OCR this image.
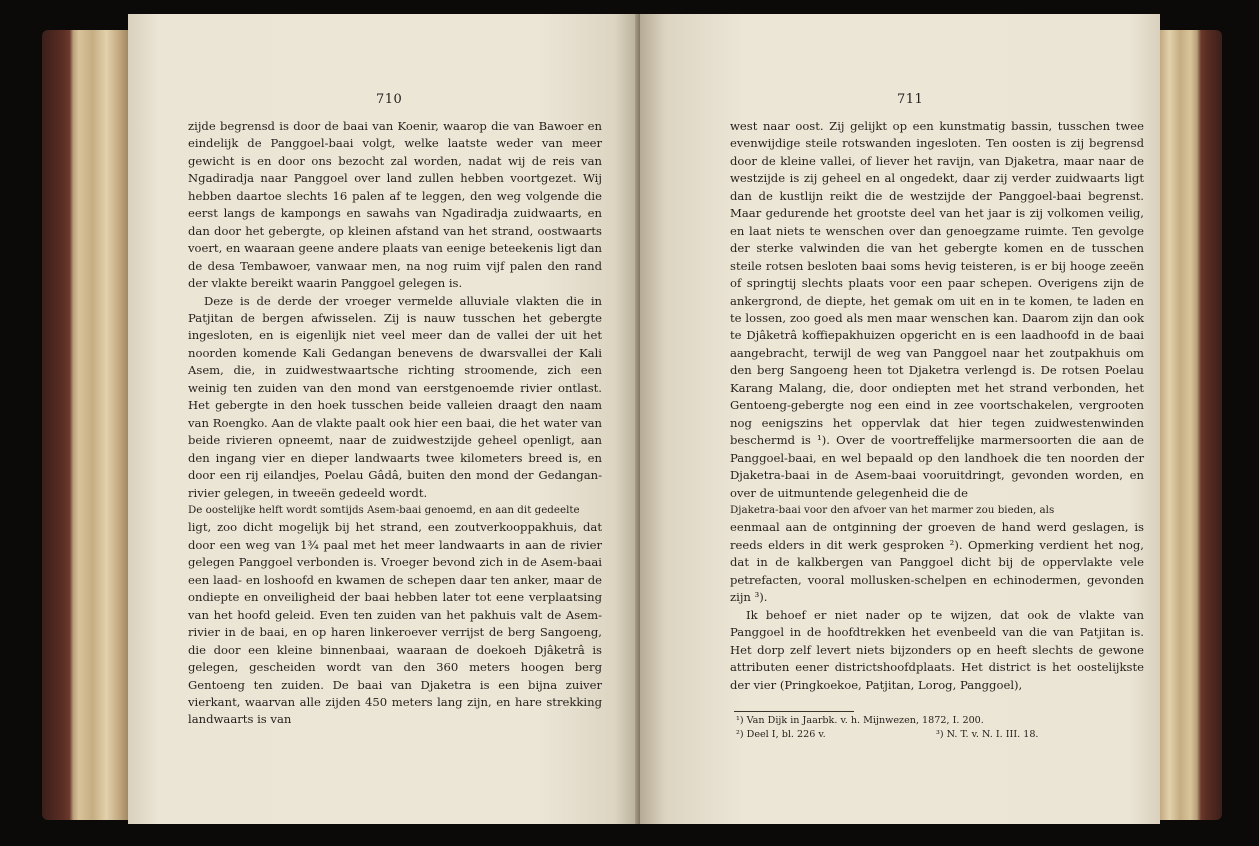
710

zijde begrensd is door de baai van Koenir, waarop die van Bawoer en eindelijk de Panggoel-baai volgt, welke laatste weder van meer gewicht is en door ons bezocht zal worden, nadat wij de reis van Ngadiradja naar Panggoel over land zullen hebben voortgezet. Wij hebben daartoe slechts 16 palen af te leggen, den weg volgende die eerst langs de kampongs en sawahs van Ngadiradja zuidwaarts, en dan door het gebergte, op kleinen afstand van het strand, oostwaarts voert, en waaraan geene andere plaats van eenige beteekenis ligt dan de desa Tembawoer, vanwaar men, na nog ruim vijf palen den rand der vlakte bereikt waarin Panggoel gelegen is.

Deze is de derde der vroeger vermelde alluviale vlakten die in Patjitan de bergen afwisselen. Zij is nauw tusschen het gebergte ingesloten, en is eigenlijk niet veel meer dan de vallei der uit het noorden komende Kali Gedangan benevens de dwarsvallei der Kali Asem, die, in zuidwestwaartsche richting stroomende, zich een weinig ten zuiden van den mond van eerstgenoemde rivier ontlast. Het gebergte in den hoek tusschen beide valleien draagt den naam van Roengko. Aan de vlakte paalt ook hier een baai, die het water van beide rivieren opneemt, naar de zuidwestzijde geheel openligt, aan den ingang vier en dieper landwaarts twee kilometers breed is, en door een rij eilandjes, Poelau Gâdâ, buiten den mond der Gedangan-rivier gelegen, in tweeën gedeeld wordt.

De oostelijke helft wordt somtijds Asem-baai genoemd, en aan dit gedeelte

ligt, zoo dicht mogelijk bij het strand, een zoutverkooppakhuis, dat door een weg van 1¾ paal met het meer landwaarts in aan de rivier gelegen Panggoel verbonden is. Vroeger bevond zich in de Asem-baai een laad- en loshoofd en kwamen de schepen daar ten anker, maar de ondiepte en onveiligheid der baai hebben later tot eene verplaatsing van het hoofd geleid. Even ten zuiden van het pakhuis valt de Asem-rivier in de baai, en op haren linkeroever verrijst de berg Sangoeng, die door een kleine binnenbaai, waaraan de doekoeh Djâketrâ is gelegen, gescheiden wordt van den 360 meters hoogen berg Gentoeng ten zuiden. De baai van Djaketra is een bijna zuiver vierkant, waarvan alle zijden 450 meters lang zijn, en hare strekking landwaarts is van

711

west naar oost. Zij gelijkt op een kunstmatig bassin, tusschen twee evenwijdige steile rotswanden ingesloten. Ten oosten is zij begrensd door de kleine vallei, of liever het ravijn, van Djaketra, maar naar de westzijde is zij geheel en al ongedekt, daar zij verder zuidwaarts ligt dan de kustlijn reikt die de westzijde der Panggoel-baai begrenst. Maar gedurende het grootste deel van het jaar is zij volkomen veilig, en laat niets te wenschen over dan genoegzame ruimte. Ten gevolge der sterke valwinden die van het gebergte komen en de tusschen steile rotsen besloten baai soms hevig teisteren, is er bij hooge zeeën of springtij slechts plaats voor een paar schepen. Overigens zijn de ankergrond, de diepte, het gemak om uit en in te komen, te laden en te lossen, zoo goed als men maar wenschen kan. Daarom zijn dan ook te Djâketrâ koffiepakhuizen opgericht en is een laadhoofd in de baai aangebracht, terwijl de weg van Panggoel naar het zoutpakhuis om den berg Sangoeng heen tot Djaketra verlengd is. De rotsen Poelau Karang Malang, die, door ondiepten met het strand verbonden, het Gentoeng-gebergte nog een eind in zee voortschakelen, vergrooten nog eenigszins het oppervlak dat hier tegen zuidwestenwinden beschermd is ¹). Over de voortreffelijke marmersoorten die aan de Panggoel-baai, en wel bepaald op den landhoek die ten noorden der Djaketra-baai in de Asem-baai vooruitdringt, gevonden worden, en over de uitmuntende gelegenheid die de

Djaketra-baai voor den afvoer van het marmer zou bieden, als

eenmaal aan de ontginning der groeven de hand werd geslagen, is reeds elders in dit werk gesproken ²). Opmerking verdient het nog, dat in de kalkbergen van Panggoel dicht bij de oppervlakte vele petrefacten, vooral mollusken-schelpen en echinodermen, gevonden zijn ³).

Ik behoef er niet nader op te wijzen, dat ook de vlakte van Panggoel in de hoofdtrekken het evenbeeld van die van Patjitan is. Het dorp zelf levert niets bijzonders op en heeft slechts de gewone attributen eener districtshoofdplaats. Het district is het oostelijkste der vier (Pringkoekoe, Patjitan, Lorog, Panggoel),

¹) Van Dijk in Jaarbk. v. h. Mijnwezen, 1872, I. 200.
²) Deel I, bl. 226 v.	³) N. T. v. N. I. III. 18.
